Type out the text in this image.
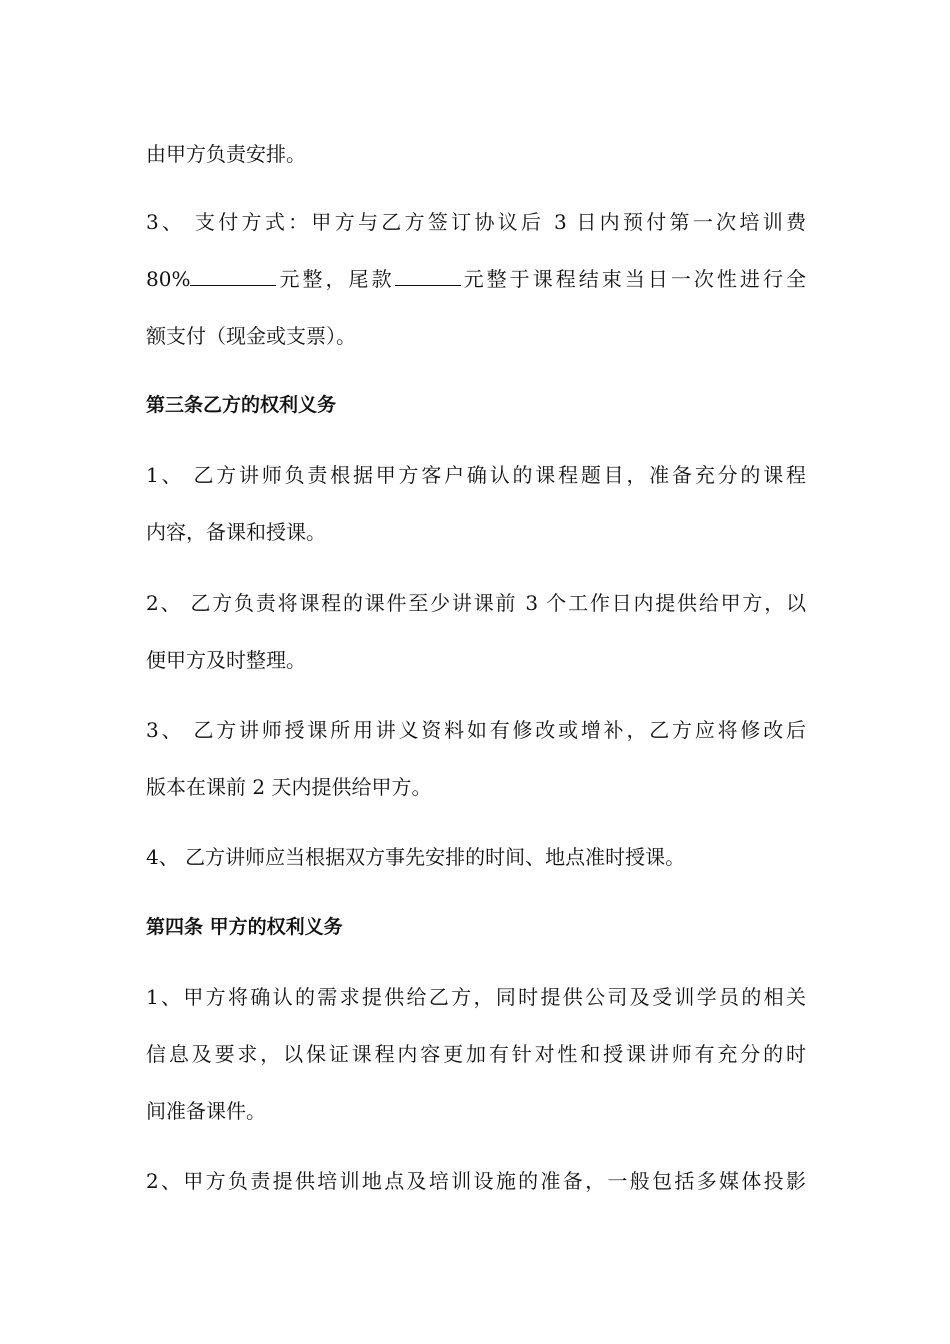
由甲方负责安排。
3、 支付方式：甲方与乙方签订协议后 3 日内预付第一次培训费
80%	元整，尾款	元整于课程结束当日一次性进行全
额支付（现金或支票）。
第三条乙方的权利义务
1、 乙方讲师负责根据甲方客户确认的课程题目，准备充分的课程
内容，备课和授课。
2、 乙方负责将课程的课件至少讲课前 3 个工作日内提供给甲方，以
便甲方及时整理。
3、 乙方讲师授课所用讲义资料如有修改或增补，乙方应将修改后
版本在课前 2 天内提供给甲方。
4、 乙方讲师应当根据双方事先安排的时间、地点准时授课。
第四条 甲方的权利义务
1、甲方将确认的需求提供给乙方，同时提供公司及受训学员的相关
信息及要求，以保证课程内容更加有针对性和授课讲师有充分的时
间准备课件。
2、甲方负责提供培训地点及培训设施的准备，一般包括多媒体投影
